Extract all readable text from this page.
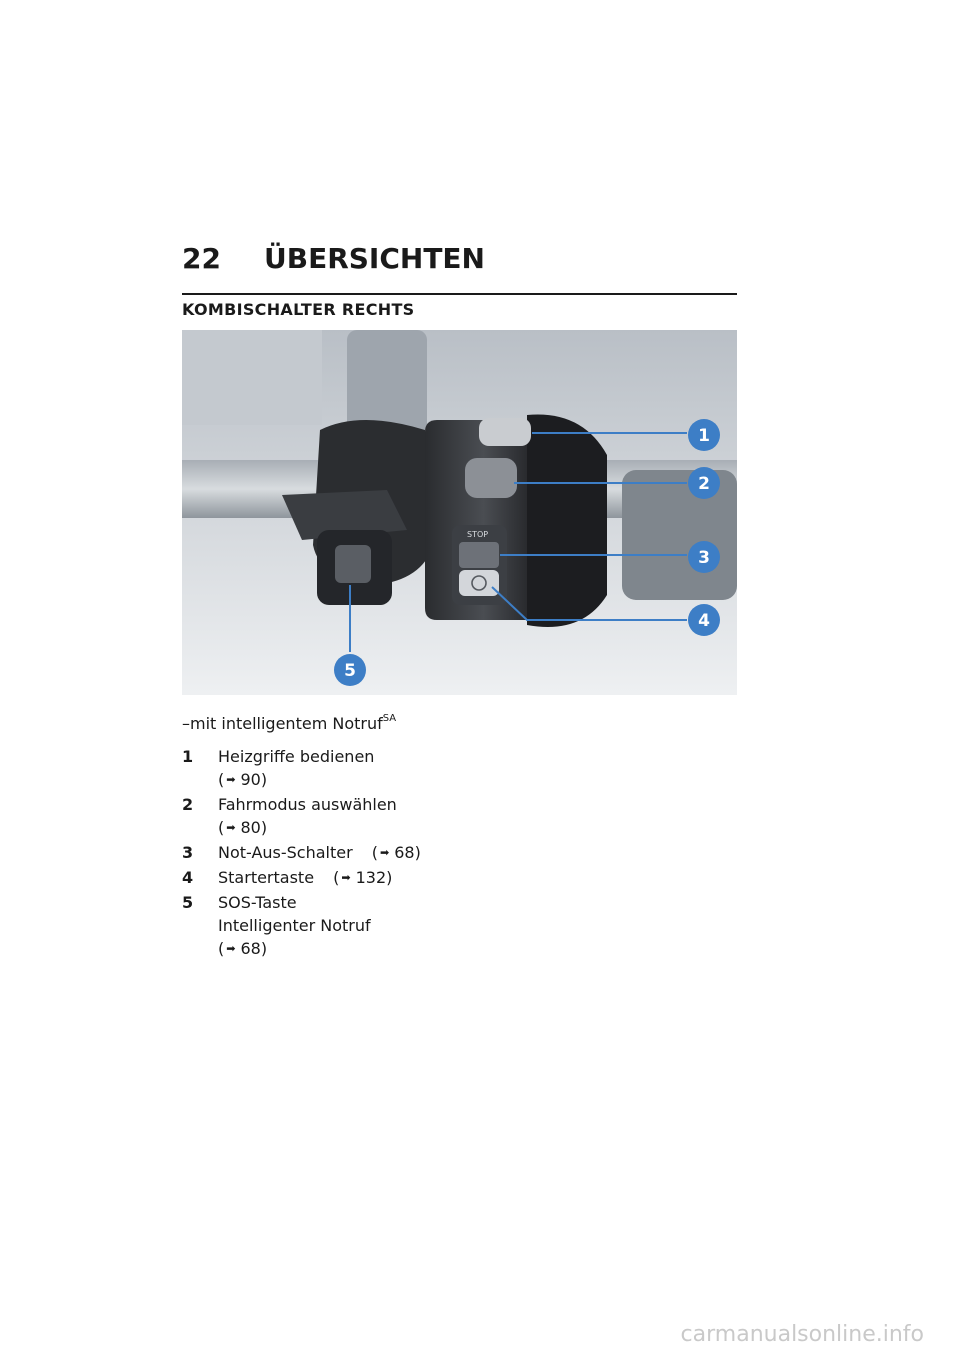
22	ÜBERSICHTEN
KOMBISCHALTER RECHTS
STOP
1
2
3
4
5
–mit intelligentem Notruf$^{SA}$
1	Heizgriffe bedienen
( ➡ 90)
2	Fahrmodus auswählen
( ➡ 80)
3	Not-Aus-Schalter ( ➡ 68)
4	Startertaste ( ➡ 132)
5	SOS-Taste
Intelligenter Notruf
( ➡ 68)
carmanualsonline.info
